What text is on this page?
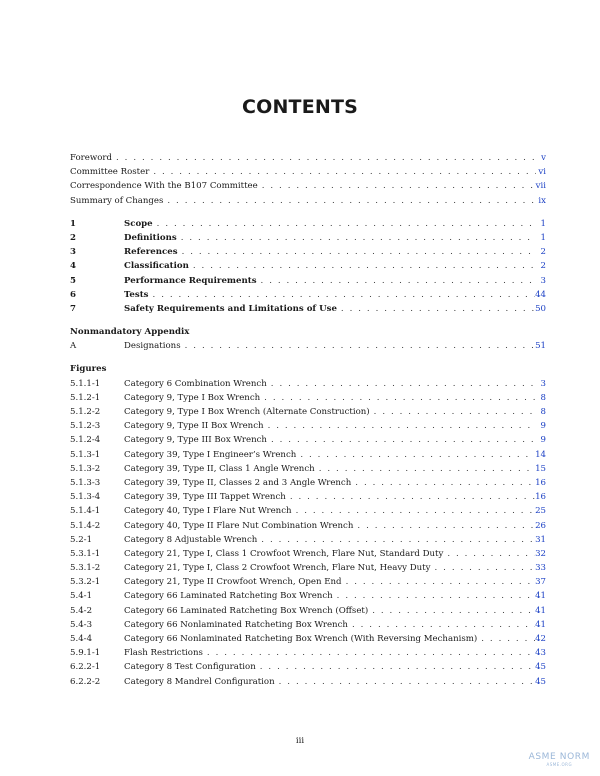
CONTENTS
Foreword . . .	v
Committee Roster . . .	vi
Correspondence With the B107 Committee . . .	vii
Summary of Changes . . .	ix
1	Scope . . .	1
2	Definitions . . .	1
3	References . . .	2
4	Classification . . .	2
5	Performance Requirements . . .	3
6	Tests . . .	44
7	Safety Requirements and Limitations of Use . . .	50
Nonmandatory Appendix
A	Designations . . .	51
Figures
5.1.1-1	Category 6 Combination Wrench . . .	3
5.1.2-1	Category 9, Type I Box Wrench . . .	8
5.1.2-2	Category 9, Type I Box Wrench (Alternate Construction) . . .	8
5.1.2-3	Category 9, Type II Box Wrench . . .	9
5.1.2-4	Category 9, Type III Box Wrench . . .	9
5.1.3-1	Category 39, Type I Engineer’s Wrench . . .	14
5.1.3-2	Category 39, Type II, Class 1 Angle Wrench . . .	15
5.1.3-3	Category 39, Type II, Classes 2 and 3 Angle Wrench . . .	16
5.1.3-4	Category 39, Type III Tappet Wrench . . .	16
5.1.4-1	Category 40, Type I Flare Nut Wrench . . .	25
5.1.4-2	Category 40, Type II Flare Nut Combination Wrench . . .	26
5.2-1	Category 8 Adjustable Wrench . . .	31
5.3.1-1	Category 21, Type I, Class 1 Crowfoot Wrench, Flare Nut, Standard Duty . . .	32
5.3.1-2	Category 21, Type I, Class 2 Crowfoot Wrench, Flare Nut, Heavy Duty . . .	33
5.3.2-1	Category 21, Type II Crowfoot Wrench, Open End . . .	37
5.4-1	Category 66 Laminated Ratcheting Box Wrench . . .	41
5.4-2	Category 66 Laminated Ratcheting Box Wrench (Offset) . . .	41
5.4-3	Category 66 Nonlaminated Ratcheting Box Wrench . . .	41
5.4-4	Category 66 Nonlaminated Ratcheting Box Wrench (With Reversing Mechanism) . . .	42
5.9.1-1	Flash Restrictions . . .	43
6.2.2-1	Category 8 Test Configuration . . .	45
6.2.2-2	Category 8 Mandrel Configuration . . .	45
iii
ASME NORM
ASME.ORG
